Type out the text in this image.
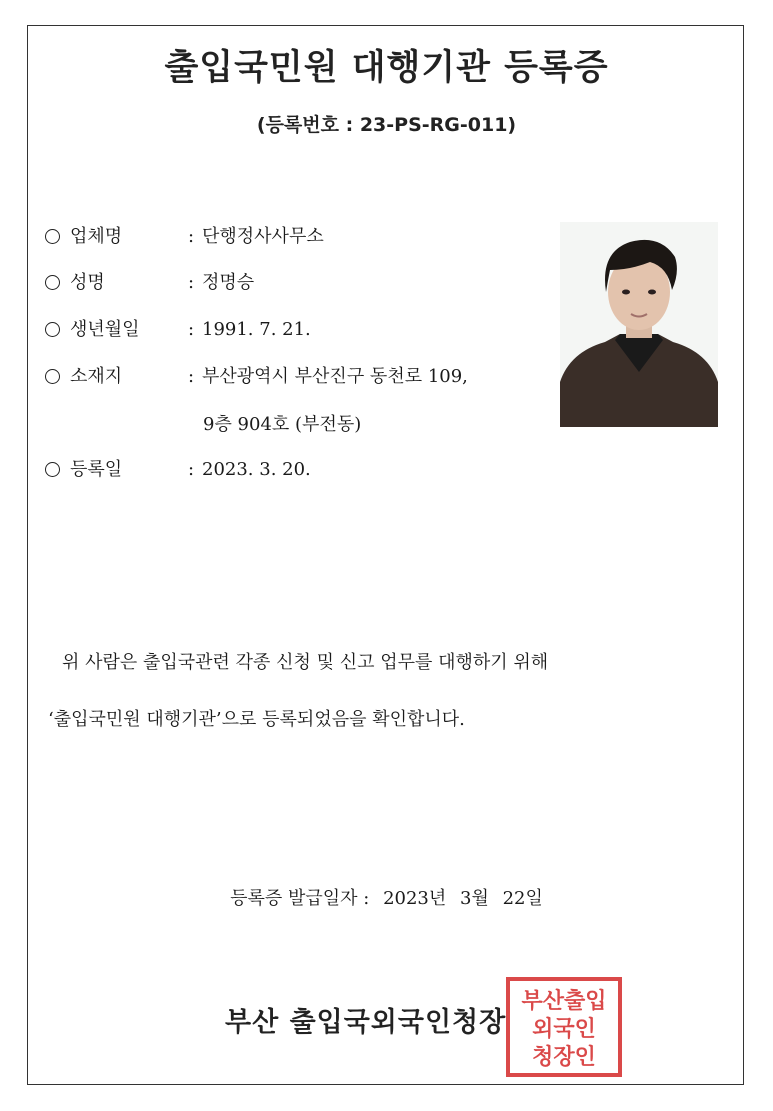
출입국민원 대행기관 등록증
(등록번호 : 23-PS-RG-011)
업체명	: 단행정사사무소
성명	: 정명승
생년월일	: 1991. 7. 21.
소재지	: 부산광역시 부산진구 동천로 109,
9층 904호 (부전동)
등록일	: 2023. 3. 20.
위 사람은 출입국관련 각종 신청 및 신고 업무를 대행하기 위해
‘출입국민원 대행기관’으로 등록되었음을 확인합니다.
등록증 발급일자 : 2023년 3월 22일
부산 출입국외국인청장
부산출입
외국인
청장인
